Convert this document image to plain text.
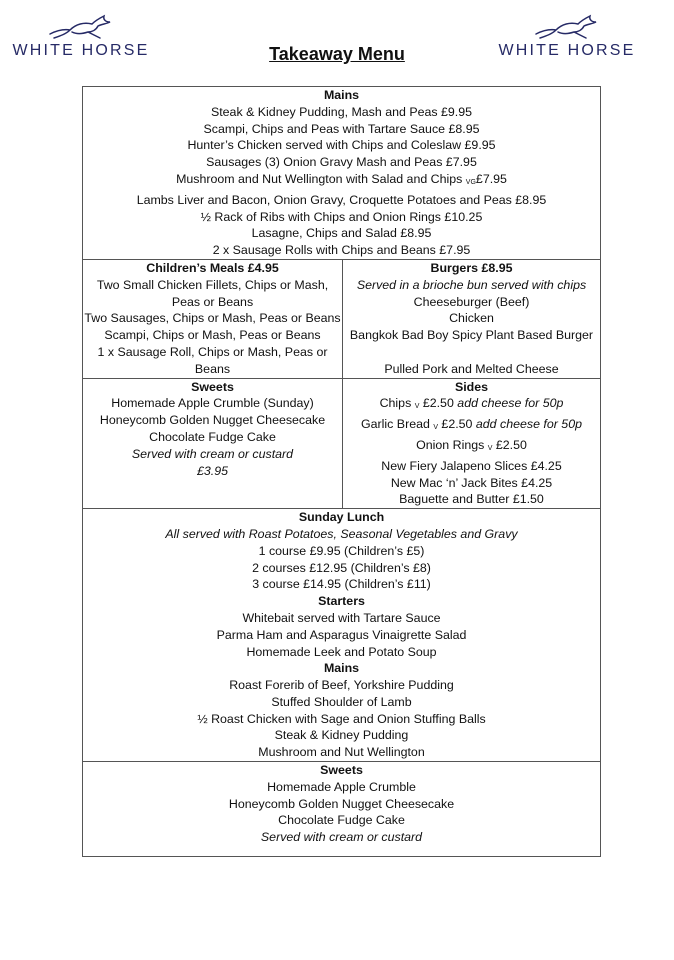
WHITE HORSE	WHITE HORSE
Takeaway Menu
Mains
Steak & Kidney Pudding, Mash and Peas £9.95
Scampi, Chips and Peas with Tartare Sauce £8.95
Hunter’s Chicken served with Chips and Coleslaw £9.95
Sausages (3) Onion Gravy Mash and Peas £7.95
Mushroom and Nut Wellington with Salad and Chips VG£7.95
Lambs Liver and Bacon, Onion Gravy, Croquette Potatoes and Peas £8.95
½ Rack of Ribs with Chips and Onion Rings £10.25
Lasagne, Chips and Salad £8.95
2 x Sausage Rolls with Chips and Beans £7.95
Children’s Meals £4.95
Two Small Chicken Fillets, Chips or Mash,
Peas or Beans
Two Sausages, Chips or Mash, Peas or Beans
Scampi, Chips or Mash, Peas or Beans
1 x Sausage Roll, Chips or Mash, Peas or
Beans
Burgers £8.95
Served in a brioche bun served with chips
Cheeseburger (Beef)
Chicken
Bangkok Bad Boy Spicy Plant Based Burger
Pulled Pork and Melted Cheese
Sweets
Homemade Apple Crumble (Sunday)
Honeycomb Golden Nugget Cheesecake
Chocolate Fudge Cake
Served with cream or custard
£3.95
Sides
Chips V £2.50 add cheese for 50p
Garlic Bread V £2.50 add cheese for 50p
Onion Rings V £2.50
New Fiery Jalapeno Slices £4.25
New Mac ‘n’ Jack Bites £4.25
Baguette and Butter £1.50
Sunday Lunch
All served with Roast Potatoes, Seasonal Vegetables and Gravy
1 course £9.95 (Children’s £5)
2 courses £12.95 (Children’s £8)
3 course £14.95 (Children’s £11)
Starters
Whitebait served with Tartare Sauce
Parma Ham and Asparagus Vinaigrette Salad
Homemade Leek and Potato Soup
Mains
Roast Forerib of Beef, Yorkshire Pudding
Stuffed Shoulder of Lamb
½ Roast Chicken with Sage and Onion Stuffing Balls
Steak & Kidney Pudding
Mushroom and Nut Wellington
Sweets
Homemade Apple Crumble
Honeycomb Golden Nugget Cheesecake
Chocolate Fudge Cake
Served with cream or custard
